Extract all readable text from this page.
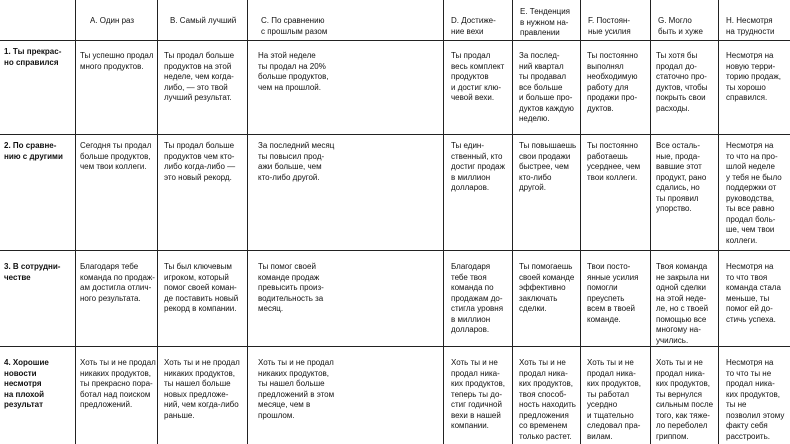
A. Один раз	B. Самый лучший	C. По сравнению
с прошлым разом
D. Достиже-
ние вехи
E. Тенденция
в нужном на-
правлении
F. Постоян-
ные усилия
G. Могло
быть и хуже
H. Несмотря
на трудности
1. Ты прекрас-
но справился
Ты успешно продал
много продуктов.
Ты продал больше
продуктов на этой
неделе, чем когда-
либо, — это твой
лучший результат.
На этой неделе
ты продал на 20%
больше продуктов,
чем на прошлой.
Ты продал
весь комплект
продуктов
и достиг клю-
чевой вехи.
За послед-
ний квартал
ты продавал
все больше
и больше про-
дуктов каждую
неделю.
Ты постоянно
выполнял
необходимую
работу для
продажи про-
дуктов.
Ты хотя бы
продал до-
статочно про-
дуктов, чтобы
покрыть свои
расходы.
Несмотря на
новую терри-
торию продаж,
ты хорошо
справился.
2. По сравне-
нию с другими
Сегодня ты продал
больше продуктов,
чем твои коллеги.
Ты продал больше
продуктов чем кто-
либо когда-либо —
это новый рекорд.
За последний месяц
ты повысил прод-
ажи больше, чем
кто-либо другой.
Ты един-
ственный, кто
достиг продаж
в миллион
долларов.
Ты повышаешь
свои продажи
быстрее, чем
кто-либо
другой.
Ты постоянно
работаешь
усерднее, чем
твои коллеги.
Все осталь-
ные, прода-
вавшие этот
продукт, рано
сдались, но
ты проявил
упорство.
Несмотря на
то что на про-
шлой неделе
у тебя не было
поддержки от
руководства,
ты все равно
продал боль-
ше, чем твои
коллеги.
3. В сотрудни-
честве
Благодаря тебе
команда по продаж-
ам достигла отлич-
ного результата.
Ты был ключевым
игроком, который
помог своей коман-
де поставить новый
рекорд в компании.
Ты помог своей
команде продаж
превысить произ-
водительность за
месяц.
Благодаря
тебе твоя
команда по
продажам до-
стигла уровня
в миллион
долларов.
Ты помогаешь
своей команде
эффективно
заключать
сделки.
Твои посто-
янные усилия
помогли
преуспеть
всем в твоей
команде.
Твоя команда
не закрыла ни
одной сделки
на этой неде-
ле, но с твоей
помощью все
многому на-
учились.
Несмотря на
то что твоя
команда стала
меньше, ты
помог ей до-
стичь успеха.
4. Хорошие
новости
несмотря
на плохой
результат
Хоть ты и не продал
никаких продуктов,
ты прекрасно пора-
ботал над поиском
предложений.
Хоть ты и не продал
никаких продуктов,
ты нашел больше
новых предложе-
ний, чем когда-либо
раньше.
Хоть ты и не продал
никаких продуктов,
ты нашел больше
предложений в этом
месяце, чем в
прошлом.
Хоть ты и не
продал ника-
ких продуктов,
теперь ты до-
стиг годичной
вехи в нашей
компании.
Хоть ты и не
продал ника-
ких продуктов,
твоя способ-
ность находить
предложения
со временем
только растет.
Хоть ты и не
продал ника-
ких продуктов,
ты работал
усердно
и тщательно
следовал пра-
вилам.
Хоть ты и не
продал ника-
ких продуктов,
ты вернулся
сильным после
того, как тяже-
ло переболел
гриппом.
Несмотря на
то что ты не
продал ника-
ких продуктов,
ты не
позволил этому
факту себя
расстроить.
